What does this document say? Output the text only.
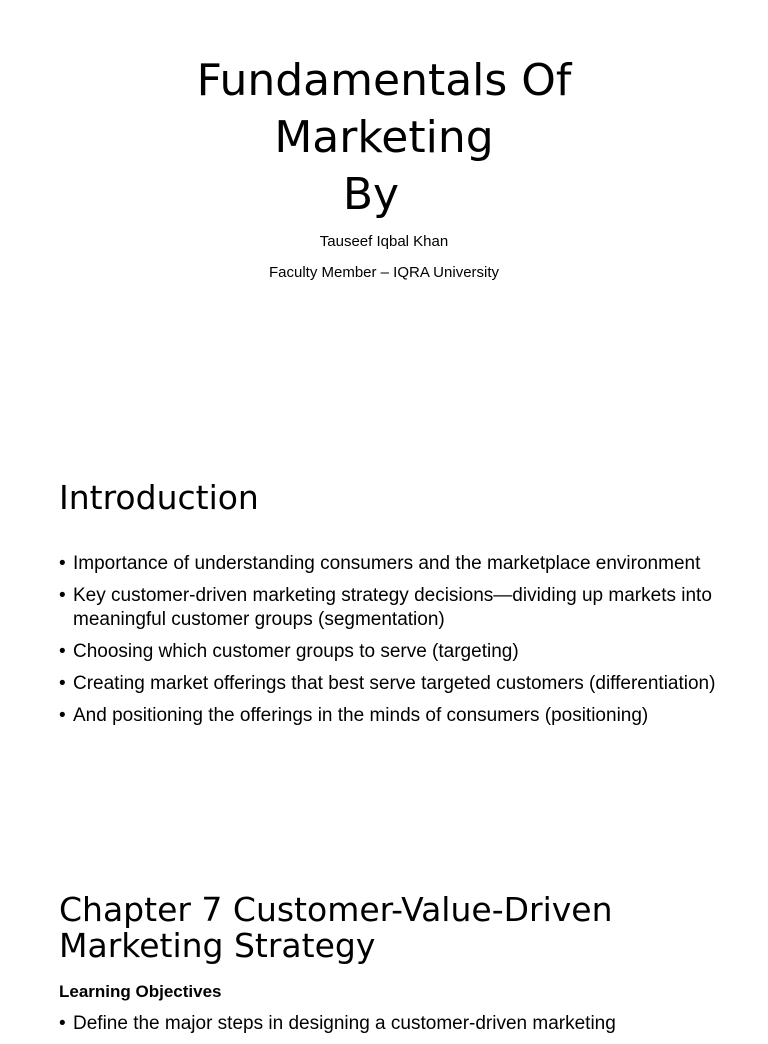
Fundamentals Of
Marketing
By

Tauseef Iqbal Khan

Faculty Member – IQRA University

Introduction
• Importance of understanding consumers and the marketplace environment
• Key customer-driven marketing strategy decisions—dividing up markets into meaningful customer groups (segmentation)
• Choosing which customer groups to serve (targeting)
• Creating market offerings that best serve targeted customers (differentiation)
• And positioning the offerings in the minds of consumers (positioning)
Chapter 7 Customer-Value-Driven Marketing Strategy

Learning Objectives

• Define the major steps in designing a customer-driven marketing
